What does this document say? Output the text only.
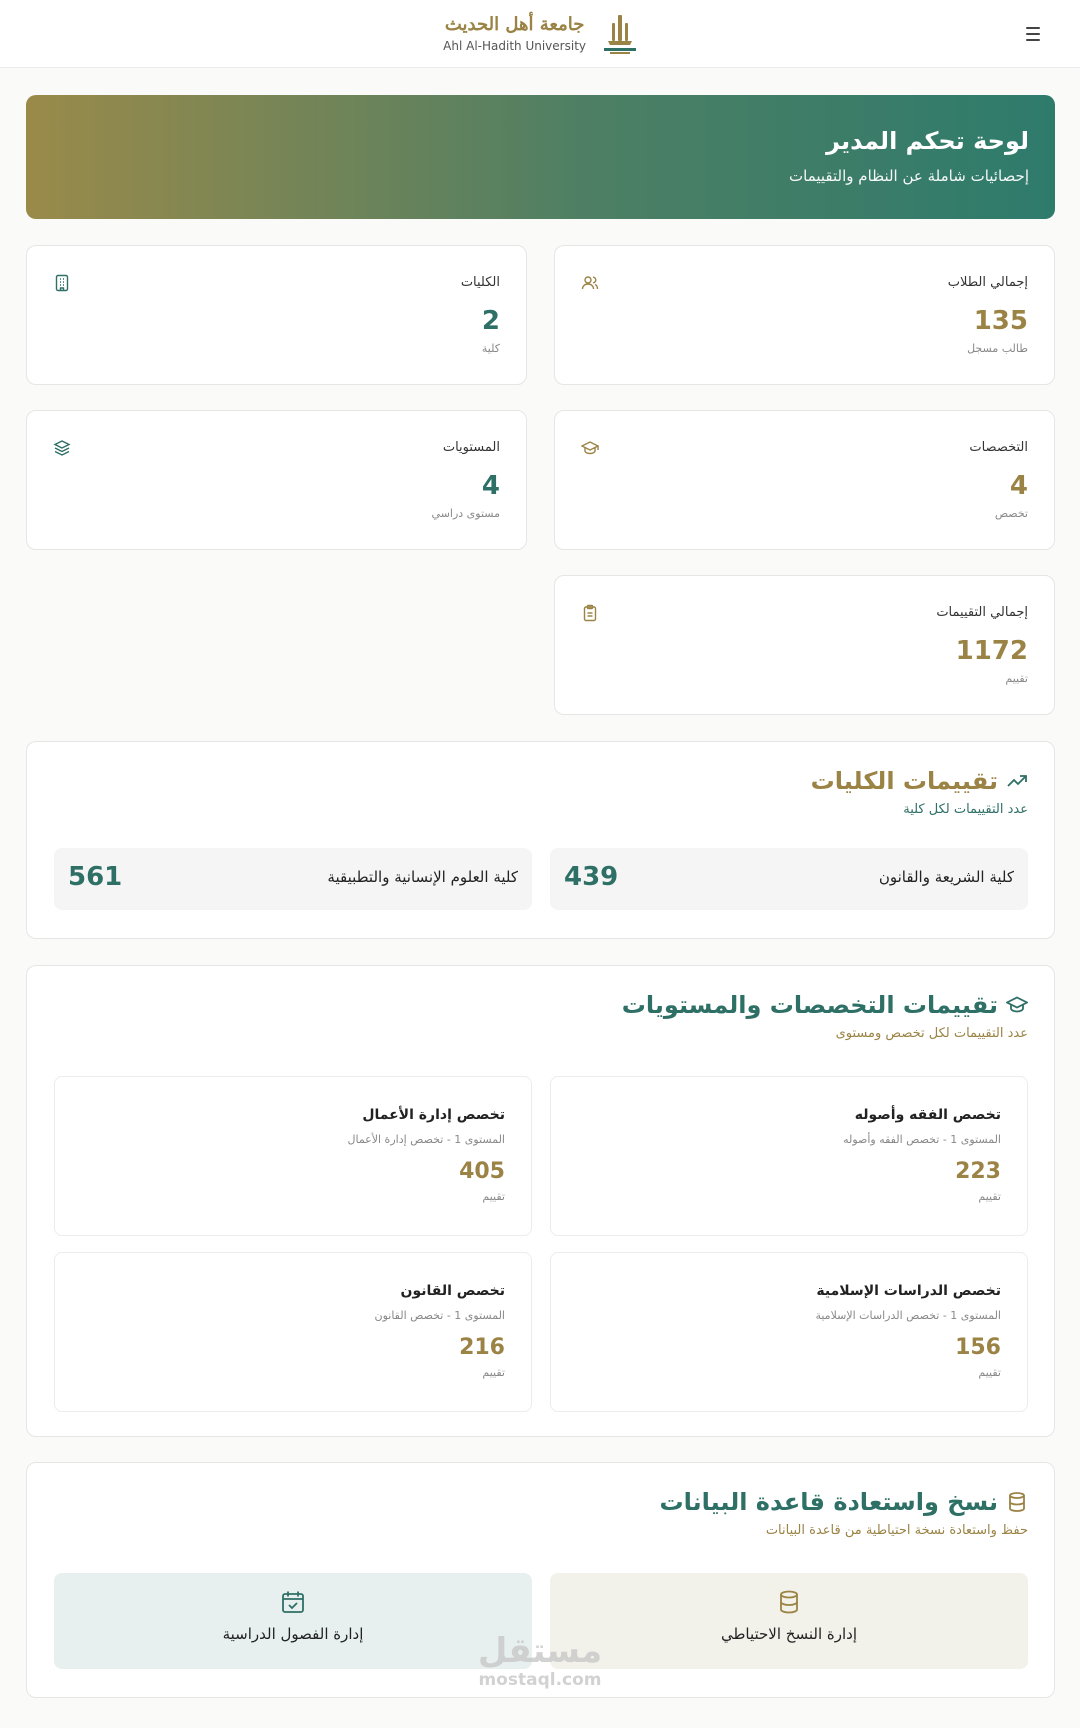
جامعة أهل الحديث
Ahl Al-Hadith University
لوحة تحكم المدير
إحصائيات شاملة عن النظام والتقييمات
إجمالي الطلاب
135
طالب مسجل
الكليات
2
كلية
التخصصات
4
تخصص
المستويات
4
مستوى دراسي
إجمالي التقييمات
1172
تقييم
تقييمات الكليات
عدد التقييمات لكل كلية
كلية الشريعة والقانون
439
كلية العلوم الإنسانية والتطبيقية
561
تقييمات التخصصات والمستويات
عدد التقييمات لكل تخصص ومستوى
تخصص الفقه وأصوله
المستوى 1 - تخصص الفقه وأصوله
223
تقييم
تخصص إدارة الأعمال
المستوى 1 - تخصص إدارة الأعمال
405
تقييم
تخصص الدراسات الإسلامية
المستوى 1 - تخصص الدراسات الإسلامية
156
تقييم
تخصص القانون
المستوى 1 - تخصص القانون
216
تقييم
نسخ واستعادة قاعدة البيانات
حفظ واستعادة نسخة احتياطية من قاعدة البيانات
إدارة النسخ الاحتياطي
إدارة الفصول الدراسية	مستقل
mostaql.com
